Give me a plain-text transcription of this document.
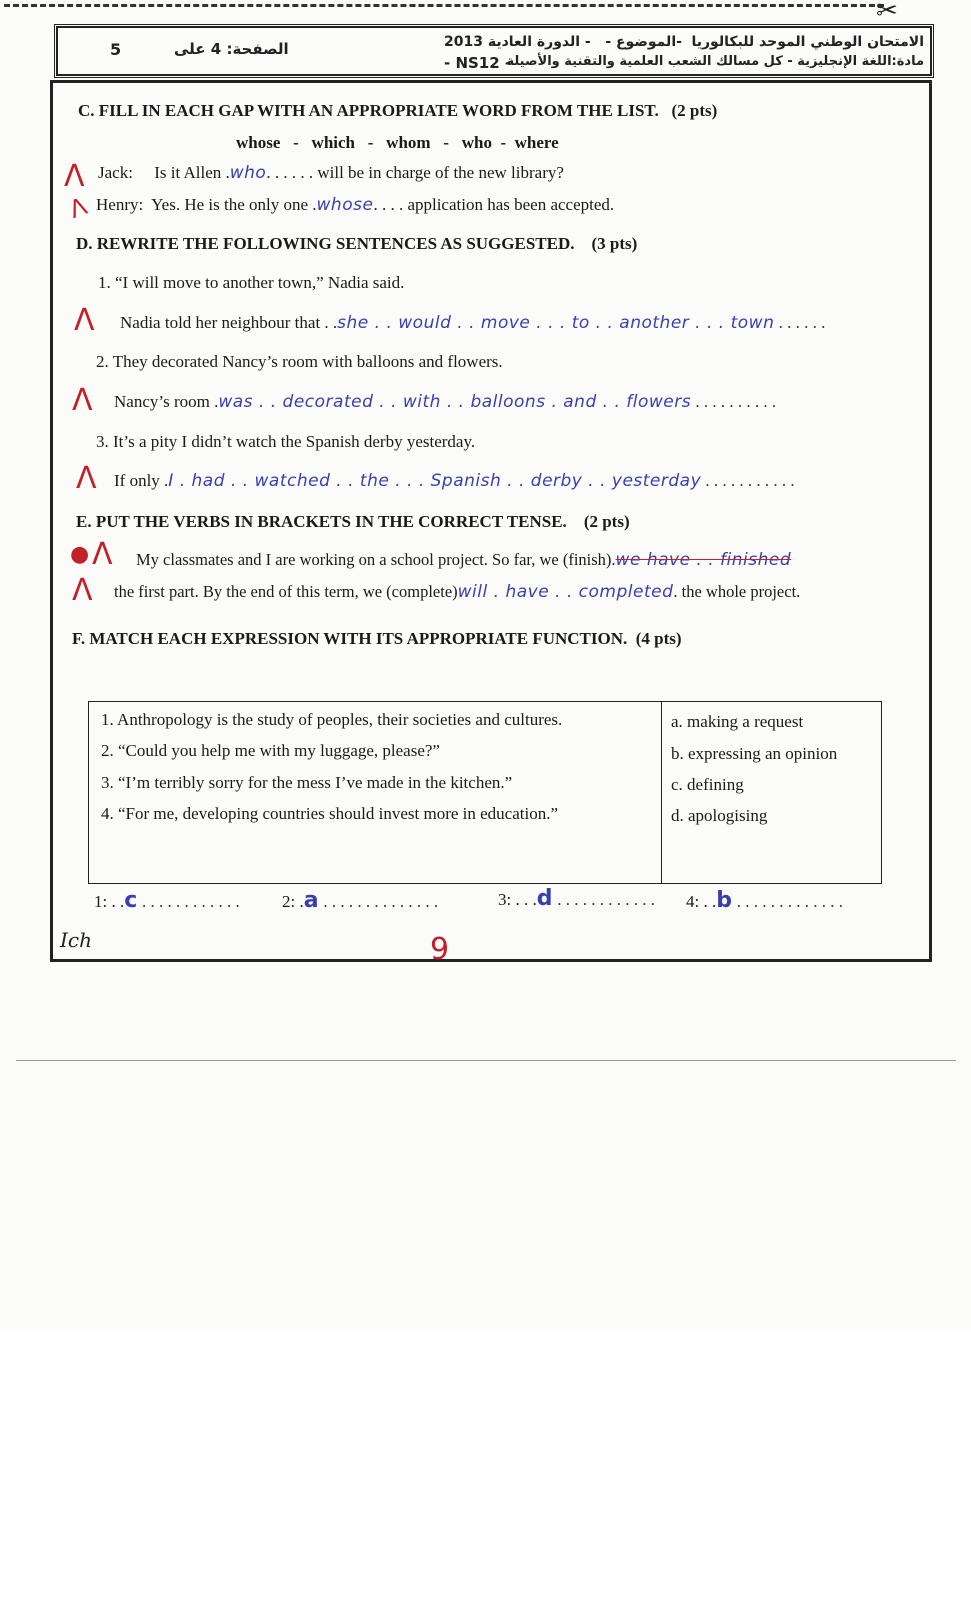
✂
الامتحان الوطني الموحد للبكالوريا
مادة:اللغة الإنجليزية - كل مسالك الشعب العلمية والتقنية والأصيلة
-الموضوع -   - الدورة العادية 2013
- NS12 -
الصفحة: 4 على
5
C. FILL IN EACH GAP WITH AN APPROPRIATE WORD FROM THE LIST. (2 pts)
whose   -   which   -   whom   -   who  -  where
Λ Jack: Is it Allen .who. . . . . . will be in charge of the new library?
Λ Henry: Yes. He is the only one .whose. . . . application has been accepted.
D. REWRITE THE FOLLOWING SENTENCES AS SUGGESTED. (3 pts)
1. “I will move to another town,” Nadia said.
Λ Nadia told her neighbour that . .she . . would . . move . . . to . . another . . . town . . . . . .
2. They decorated Nancy’s room with balloons and flowers.
Λ Nancy’s room .was . . decorated . . with . . balloons . and . . flowers . . . . . . . . . .
3. It’s a pity I didn’t watch the Spanish derby yesterday.
Λ If only .I . had . . watched . . the . . . Spanish . . derby . . yesterday . . . . . . . . . . .
E. PUT THE VERBS IN BRACKETS IN THE CORRECT TENSE. (2 pts)
● Λ My classmates and I are working on a school project. So far, we (finish).we have . . finished
Λ the first part. By the end of this term, we (complete)will . have . . completed. the whole project.
F. MATCH EACH EXPRESSION WITH ITS APPROPRIATE FUNCTION. (4 pts)
1. Anthropology is the study of peoples, their societies and cultures.
2. “Could you help me with my luggage, please?”
3. “I’m terribly sorry for the mess I’ve made in the kitchen.”
4. “For me, developing countries should invest more in education.”
a. making a request
b. expressing an opinion
c. defining
d. apologising
1: . .c . . . . . . . . . . . . 2: .a . . . . . . . . . . . . . .	3: . . .d . . . . . . . . . . . . 4: . .b . . . . . . . . . . . . .
Ich	9
